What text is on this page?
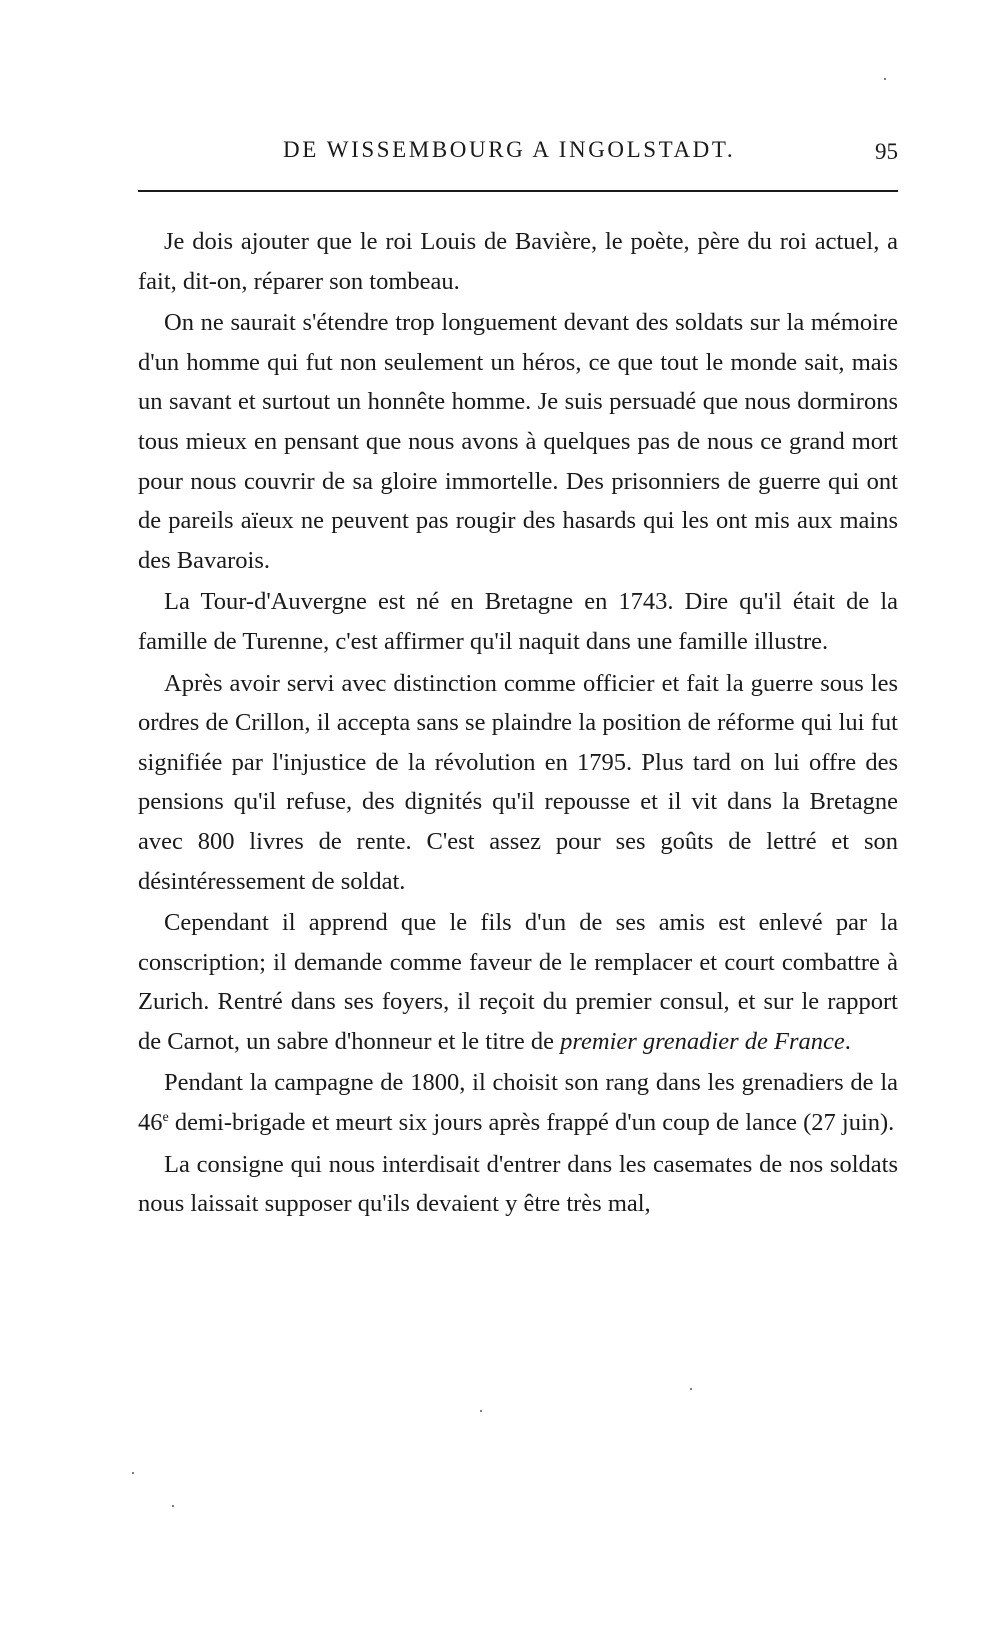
DE WISSEMBOURG A INGOLSTADT.	95

Je dois ajouter que le roi Louis de Bavière, le poète, père du roi actuel, a fait, dit-on, réparer son tombeau.

On ne saurait s'étendre trop longuement devant des soldats sur la mémoire d'un homme qui fut non seulement un héros, ce que tout le monde sait, mais un savant et surtout un honnête homme. Je suis persuadé que nous dormirons tous mieux en pensant que nous avons à quelques pas de nous ce grand mort pour nous couvrir de sa gloire immortelle. Des prisonniers de guerre qui ont de pareils aïeux ne peuvent pas rougir des hasards qui les ont mis aux mains des Bavarois.

La Tour-d'Auvergne est né en Bretagne en 1743. Dire qu'il était de la famille de Turenne, c'est affirmer qu'il naquit dans une famille illustre.

Après avoir servi avec distinction comme officier et fait la guerre sous les ordres de Crillon, il accepta sans se plaindre la position de réforme qui lui fut signifiée par l'injustice de la révolution en 1795. Plus tard on lui offre des pensions qu'il refuse, des dignités qu'il repousse et il vit dans la Bretagne avec 800 livres de rente. C'est assez pour ses goûts de lettré et son désintéressement de soldat.

Cependant il apprend que le fils d'un de ses amis est enlevé par la conscription; il demande comme faveur de le remplacer et court combattre à Zurich. Rentré dans ses foyers, il reçoit du premier consul, et sur le rapport de Carnot, un sabre d'honneur et le titre de premier grenadier de France.

Pendant la campagne de 1800, il choisit son rang dans les grenadiers de la 46e demi-brigade et meurt six jours après frappé d'un coup de lance (27 juin).

La consigne qui nous interdisait d'entrer dans les casemates de nos soldats nous laissait supposer qu'ils devaient y être très mal,
